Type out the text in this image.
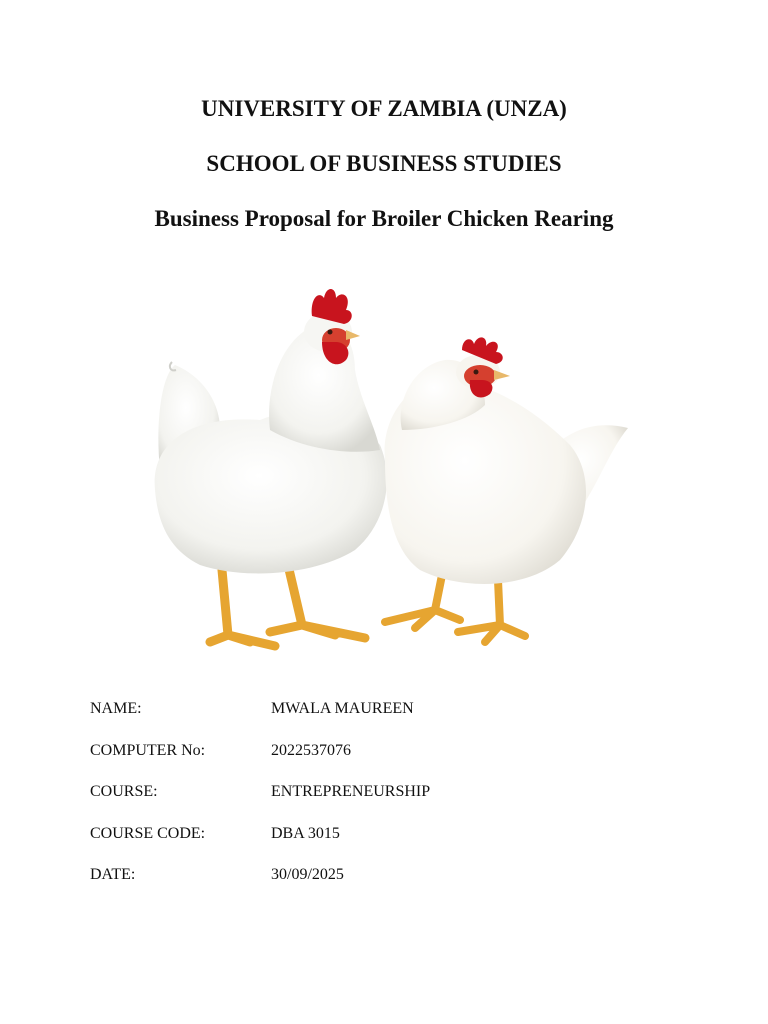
UNIVERSITY OF ZAMBIA (UNZA)
SCHOOL OF BUSINESS STUDIES
Business Proposal for Broiler Chicken Rearing
NAME:	MWALA MAUREEN
COMPUTER No:	2022537076
COURSE:	ENTREPRENEURSHIP
COURSE CODE:	DBA 3015
DATE:	30/09/2025
